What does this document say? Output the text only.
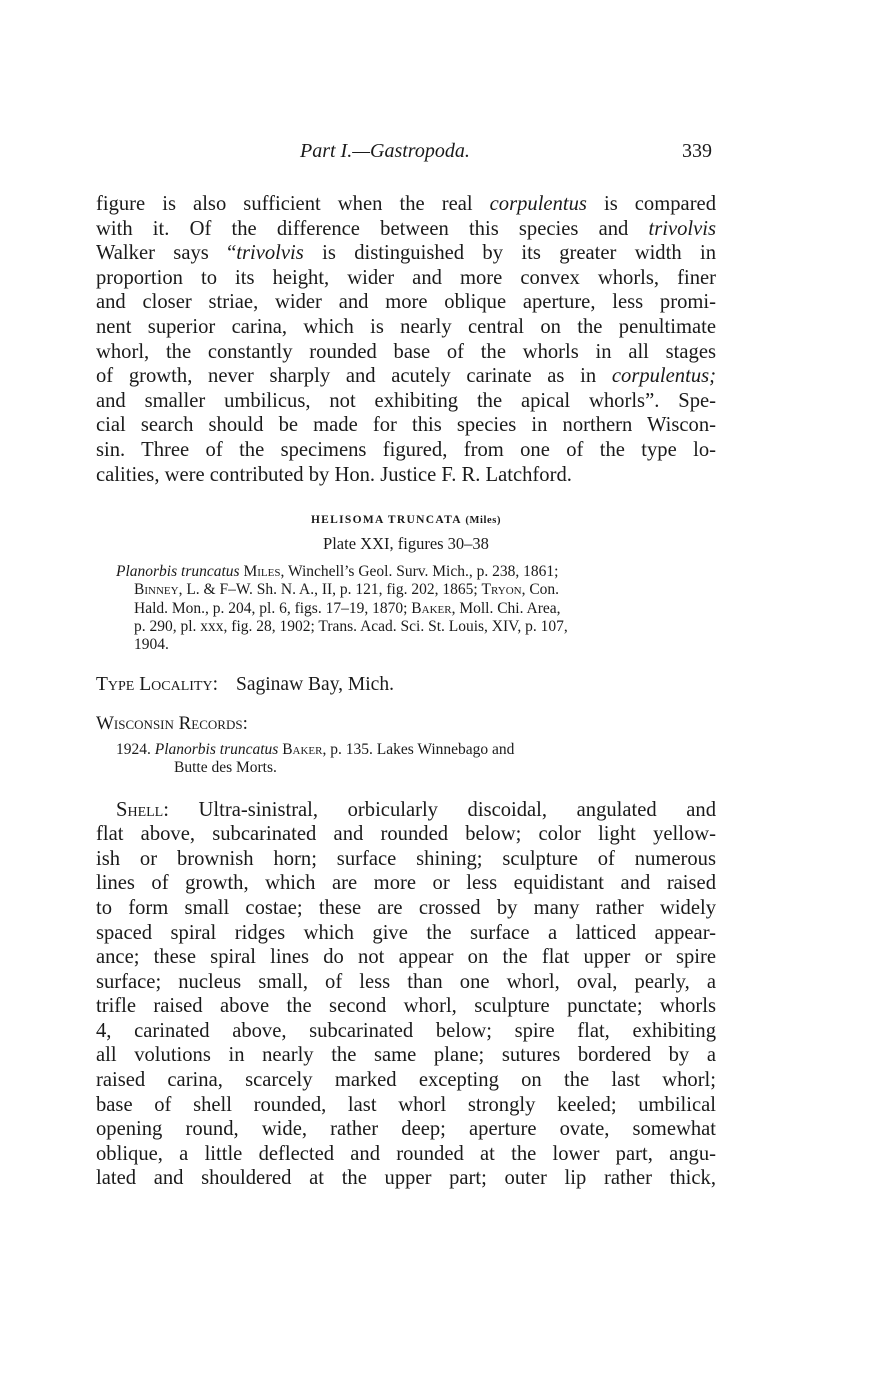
Part I.—Gastropoda.	339
figure is also sufficient when the real corpulentus is compared
with it. Of the difference between this species and trivolvis
Walker says “trivolvis is distinguished by its greater width in
proportion to its height, wider and more convex whorls, finer
and closer striae, wider and more oblique aperture, less promi-
nent superior carina, which is nearly central on the penultimate
whorl, the constantly rounded base of the whorls in all stages
of growth, never sharply and acutely carinate as in corpulentus;
and smaller umbilicus, not exhibiting the apical whorls”. Spe-
cial search should be made for this species in northern Wiscon-
sin. Three of the specimens figured, from one of the type lo-
calities, were contributed by Hon. Justice F. R. Latchford.
HELISOMA TRUNCATA (Miles)
Plate XXI, figures 30–38
Planorbis truncatus Miles, Winchell’s Geol. Surv. Mich., p. 238, 1861;
Binney, L. & F–W. Sh. N. A., II, p. 121, fig. 202, 1865; Tryon, Con.
Hald. Mon., p. 204, pl. 6, figs. 17–19, 1870; Baker, Moll. Chi. Area,
p. 290, pl. xxx, fig. 28, 1902; Trans. Acad. Sci. St. Louis, XIV, p. 107,
1904.
Type Locality: Saginaw Bay, Mich.
Wisconsin Records:
1924. Planorbis truncatus Baker, p. 135. Lakes Winnebago and
Butte des Morts.
Shell: Ultra-sinistral, orbicularly discoidal, angulated and
flat above, subcarinated and rounded below; color light yellow-
ish or brownish horn; surface shining; sculpture of numerous
lines of growth, which are more or less equidistant and raised
to form small costae; these are crossed by many rather widely
spaced spiral ridges which give the surface a latticed appear-
ance; these spiral lines do not appear on the flat upper or spire
surface; nucleus small, of less than one whorl, oval, pearly, a
trifle raised above the second whorl, sculpture punctate; whorls
4, carinated above, subcarinated below; spire flat, exhibiting
all volutions in nearly the same plane; sutures bordered by a
raised carina, scarcely marked excepting on the last whorl;
base of shell rounded, last whorl strongly keeled; umbilical
opening round, wide, rather deep; aperture ovate, somewhat
oblique, a little deflected and rounded at the lower part, angu-
lated and shouldered at the upper part; outer lip rather thick,
